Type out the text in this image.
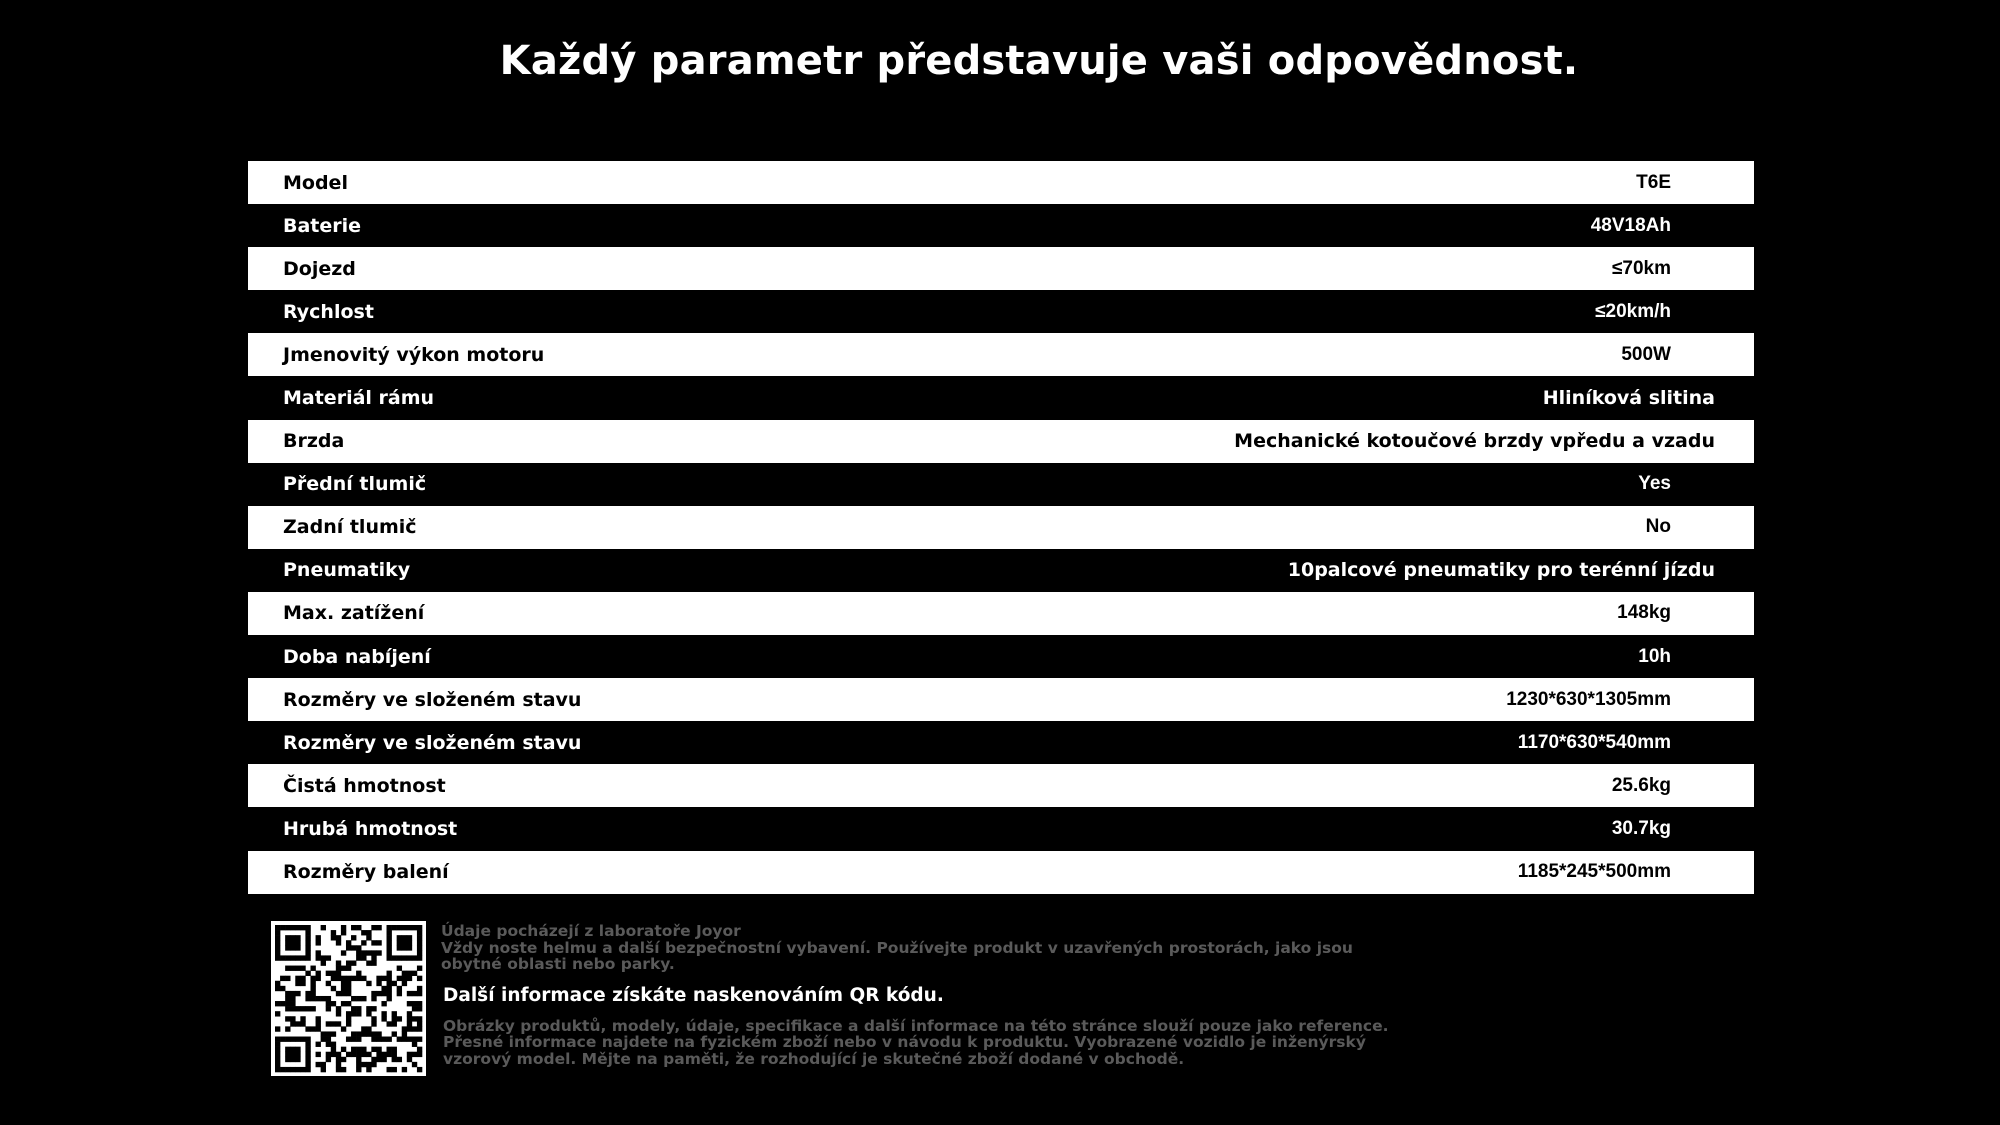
Každý parametr představuje vaši odpovědnost.
Model	T6E
Baterie	48V18Ah
Dojezd	≤70km
Rychlost	≤20km/h
Jmenovitý výkon motoru	500W
Materiál rámu	Hliníková slitina
Brzda	Mechanické kotoučové brzdy vpředu a vzadu
Přední tlumič	Yes
Zadní tlumič	No
Pneumatiky	10palcové pneumatiky pro terénní jízdu
Max. zatížení	148kg
Doba nabíjení	10h
Rozměry ve složeném stavu	1230*630*1305mm
Rozměry ve složeném stavu	1170*630*540mm
Čistá hmotnost	25.6kg
Hrubá hmotnost	30.7kg
Rozměry balení	1185*245*500mm

Údaje pocházejí z laboratoře Joyor

Vždy noste helmu a další bezpečnostní vybavení. Používejte produkt v uzavřených prostorách, jako jsou

obytné oblasti nebo parky.

Další informace získáte naskenováním QR kódu.

Obrázky produktů, modely, údaje, specifikace a další informace na této stránce slouží pouze jako reference.

Přesné informace najdete na fyzickém zboží nebo v návodu k produktu. Vyobrazené vozidlo je inženýrský

vzorový model. Mějte na paměti, že rozhodující je skutečné zboží dodané v obchodě.
